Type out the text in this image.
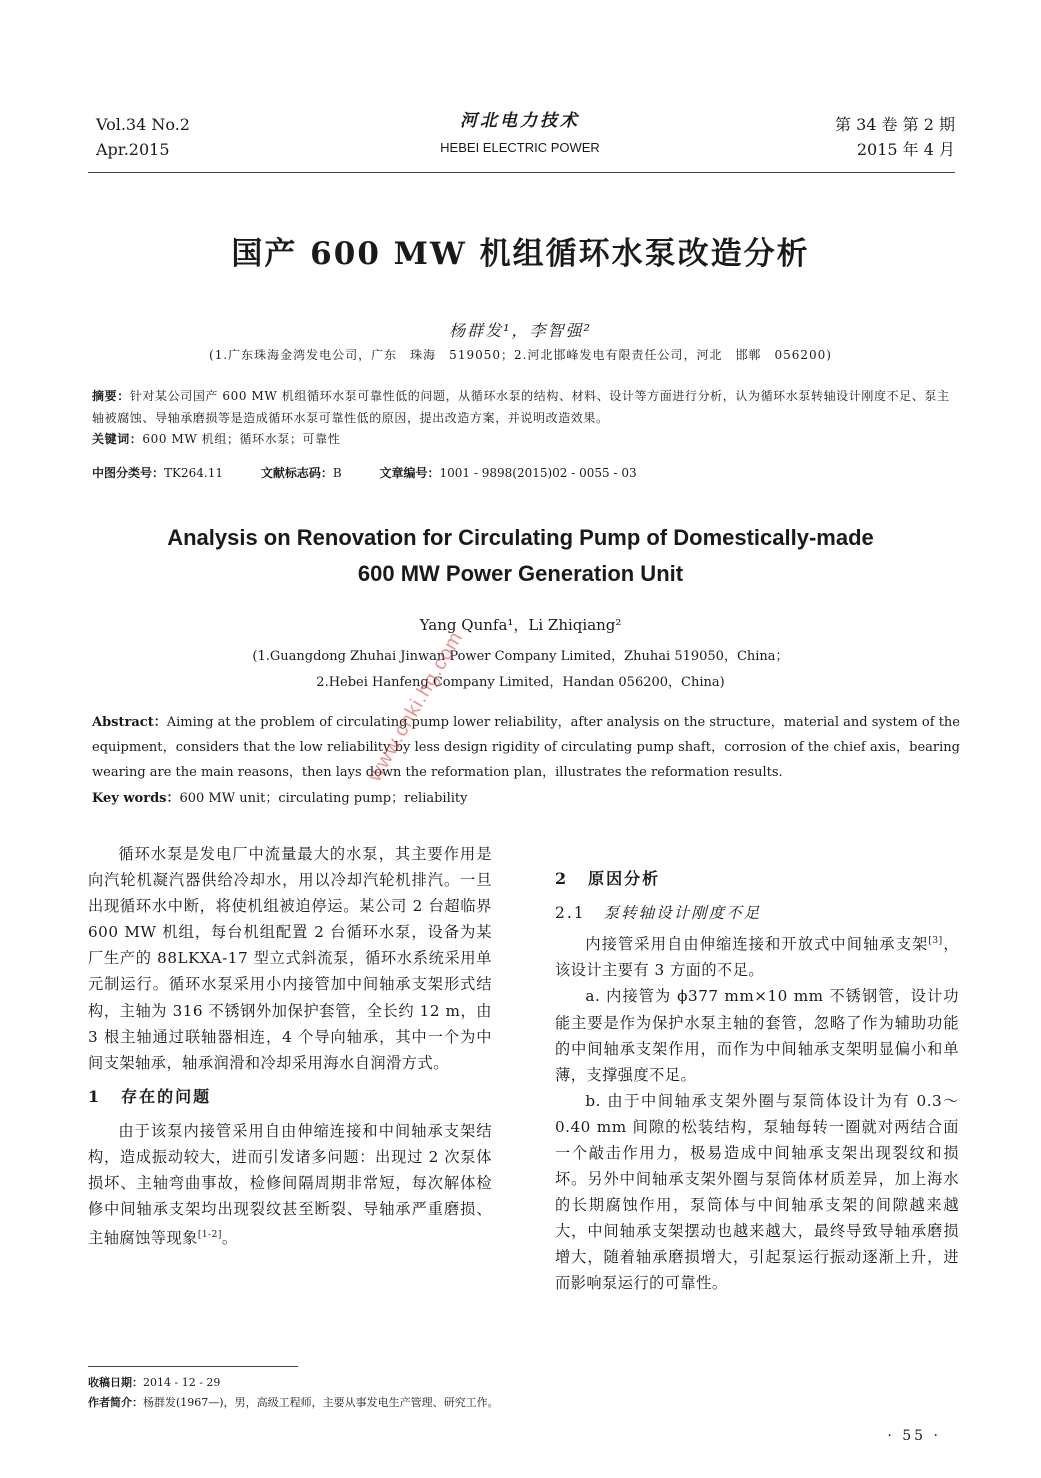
Vol.34 No.2
Apr.2015
河北电力技术
HEBEI ELECTRIC POWER
第 34 卷 第 2 期
2015 年 4 月
国产 600 MW 机组循环水泵改造分析
杨群发¹，李智强²
(1.广东珠海金湾发电公司，广东　珠海　519050；2.河北邯峰发电有限责任公司，河北　邯郸　056200)
摘要：针对某公司国产 600 MW 机组循环水泵可靠性低的问题，从循环水泵的结构、材料、设计等方面进行分析，认为循环水泵转轴设计刚度不足、泵主轴被腐蚀、导轴承磨损等是造成循环水泵可靠性低的原因，提出改造方案，并说明改造效果。
关键词：600 MW 机组；循环水泵；可靠性
中图分类号：TK264.11	文献标志码：B	文章编号：1001 - 9898(2015)02 - 0055 - 03
Analysis on Renovation for Circulating Pump of Domestically-made
600 MW Power Generation Unit
Yang Qunfa¹，Li Zhiqiang²
(1.Guangdong Zhuhai Jinwan Power Company Limited，Zhuhai 519050，China；
2.Hebei Hanfeng Company Limited，Handan 056200，China)
Abstract：Aiming at the problem of circulating pump lower reliability，after analysis on the structure，material and system of the equipment，considers that the low reliability by less design rigidity of circulating pump shaft，corrosion of the chief axis，bearing wearing are the main reasons，then lays down the reformation plan，illustrates the reformation results.
Key words：600 MW unit；circulating pump；reliability

循环水泵是发电厂中流量最大的水泵，其主要作用是向汽轮机凝汽器供给冷却水，用以冷却汽轮机排汽。一旦出现循环水中断，将使机组被迫停运。某公司 2 台超临界 600 MW 机组，每台机组配置 2 台循环水泵，设备为某厂生产的 88LKXA-17 型立式斜流泵，循环水系统采用单元制运行。循环水泵采用小内接管加中间轴承支架形式结构，主轴为 316 不锈钢外加保护套管，全长约 12 m，由 3 根主轴通过联轴器相连，4 个导向轴承，其中一个为中间支架轴承，轴承润滑和冷却采用海水自润滑方式。

1 存在的问题

由于该泵内接管采用自由伸缩连接和中间轴承支架结构，造成振动较大，进而引发诸多问题：出现过 2 次泵体损坏、主轴弯曲事故，检修间隔周期非常短，每次解体检修中间轴承支架均出现裂纹甚至断裂、导轴承严重磨损、主轴腐蚀等现象[1-2]。

2 原因分析
2.1 泵转轴设计刚度不足

内接管采用自由伸缩连接和开放式中间轴承支架[3]，该设计主要有 3 方面的不足。

a. 内接管为 ϕ377 mm×10 mm 不锈钢管，设计功能主要是作为保护水泵主轴的套管，忽略了作为辅助功能的中间轴承支架作用，而作为中间轴承支架明显偏小和单薄，支撑强度不足。

b. 由于中间轴承支架外圈与泵筒体设计为有 0.3～0.40 mm 间隙的松装结构，泵轴每转一圈就对两结合面一个敲击作用力，极易造成中间轴承支架出现裂纹和损坏。另外中间轴承支架外圈与泵筒体材质差异，加上海水的长期腐蚀作用，泵筒体与中间轴承支架的间隙越来越大，中间轴承支架摆动也越来越大，最终导致导轴承磨损增大，随着轴承磨损增大，引起泵运行振动逐渐上升，进而影响泵运行的可靠性。

收稿日期：2014 - 12 - 29
作者简介：杨群发(1967—)，男，高级工程师，主要从事发电生产管理、研究工作。
· 55 ·
www.cnki.hg.com
